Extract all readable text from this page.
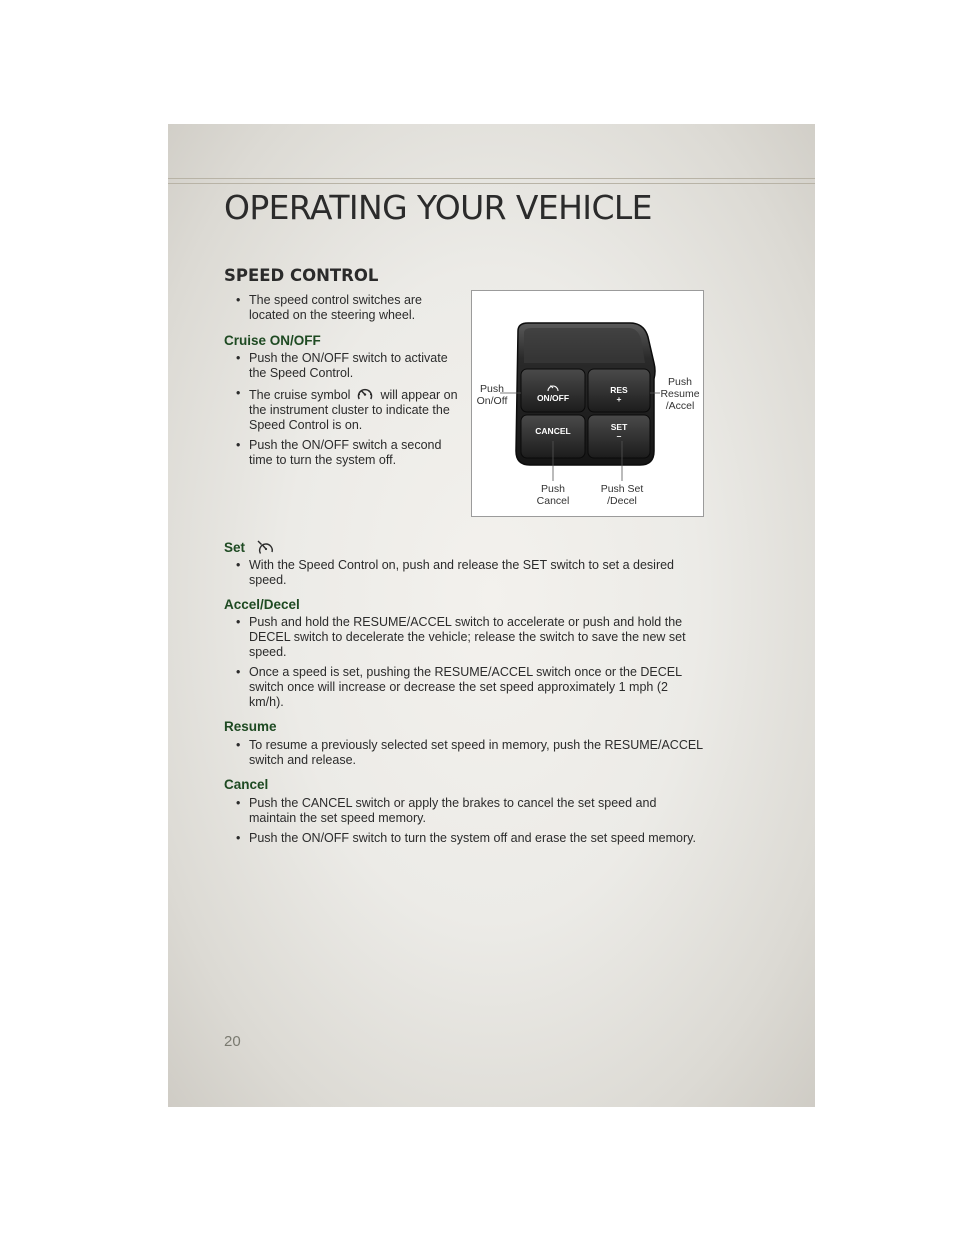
OPERATING YOUR VEHICLE
SPEED CONTROL
• The speed control switches are located on the steering wheel.
Cruise ON/OFF
• Push the ON/OFF switch to activate the Speed Control.
• The cruise symbol will appear on the instrument cluster to indicate the Speed Control is on.
• Push the ON/OFF switch a second time to turn the system off.
ON/OFF
RES
+
CANCEL	SET
–
Push
On/Off
Push
Resume
/Accel
Push
Cancel
Push Set
/Decel
Set
• With the Speed Control on, push and release the SET switch to set a desired speed.
Accel/Decel
• Push and hold the RESUME/ACCEL switch to accelerate or push and hold the DECEL switch to decelerate the vehicle; release the switch to save the new set speed.
• Once a speed is set, pushing the RESUME/ACCEL switch once or the DECEL switch once will increase or decrease the set speed approximately 1 mph (2 km/h).
Resume
• To resume a previously selected set speed in memory, push the RESUME/ACCEL switch and release.
Cancel
• Push the CANCEL switch or apply the brakes to cancel the set speed and maintain the set speed memory.
• Push the ON/OFF switch to turn the system off and erase the set speed memory.
20
